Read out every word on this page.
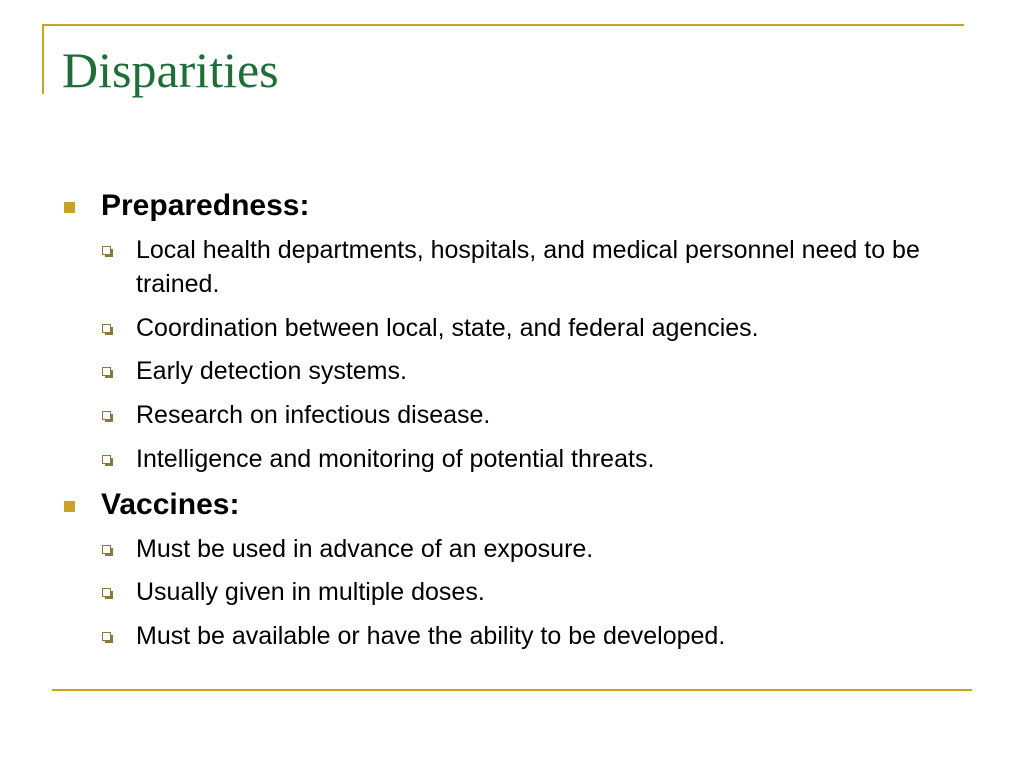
Disparities
Preparedness:
Local health departments, hospitals, and medical personnel need to be trained.
Coordination between local, state, and federal agencies.
Early detection systems.
Research on infectious disease.
Intelligence and monitoring of potential threats.
Vaccines:
Must be used in advance of an exposure.
Usually given in multiple doses.
Must be available or have the ability to be developed.
